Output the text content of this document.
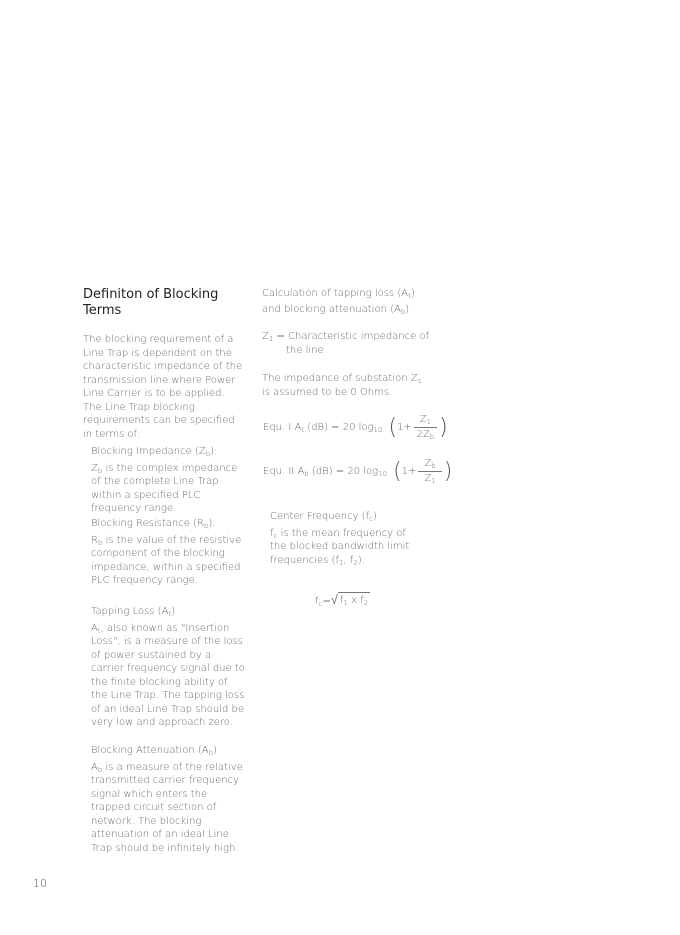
Definiton of Blocking Terms

The blocking requirement of a Line Trap is dependent on the characteristic impedance of the transmission line where Power Line Carrier is to be applied. The Line Trap blocking requirements can be specified in terms of:

Blocking Impedance $(Z_b)$:

$Z_b$ is the complex impedance of the complete Line Trap within a specified PLC frequency range.

Blocking Resistance $(R_b)$:

$R_b$ is the value of the resistive component of the blocking impedance, within a specified PLC frequency range.

Tapping Loss $(A_t)$

$A_t$, also known as "Insertion Loss", is a measure of the loss of power sustained by a carrier frequency signal due to the finite blocking ability of the Line Trap. The tapping loss of an ideal Line Trap should be very low and approach zero.

Blocking Attenuation $(A_b)$

$A_b$ is a measure of the relative transmitted carrier frequency signal which enters the trapped circuit section of network. The blocking attenuation of an ideal Line Trap should be infinitely high.

Calculation of tapping loss $(A_t)$

and blocking attenuation $(A_b)$

$Z_1$ = Characteristic impedance of

the line

The impedance of substation $Z_s$ is assumed to be 0 Ohms.

Equ. I $A_t$ (dB) = 20 $\log_{10}$ ( $1+ \frac{Z_1}{2Z_b}$ )
Equ. II $A_b$ (dB) = 20 $\log_{10}$ ( $1+ \frac{Z_b}{Z_1}$ )

Center Frequency $(f_c)$

$f_c$ is the mean frequency of the blocked bandwidth limit frequencies ($f_1$, $f_2$).

$f_c=$ √ $f_1$ x $f_2$
10
